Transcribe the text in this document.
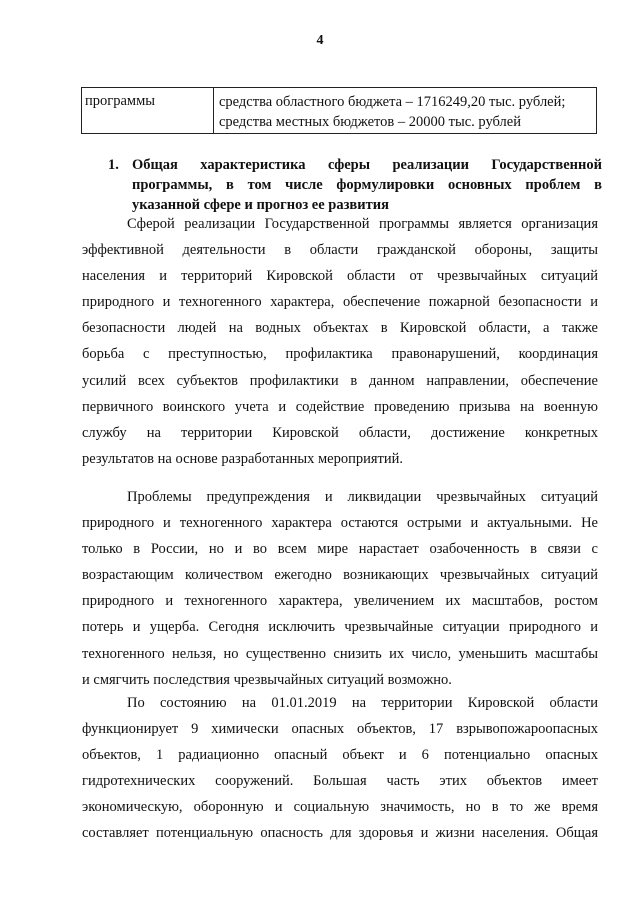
4
программы	средства областного бюджета – 1716249,20 тыс. рублей;
средства местных бюджетов – 20000 тыс. рублей
1. Общая характеристика сферы реализации Государственной
программы, в том числе формулировки основных проблем в
указанной сфере и прогноз ее развития
Сферой реализации Государственной программы является организация
эффективной деятельности в области гражданской обороны, защиты
населения и территорий Кировской области от чрезвычайных ситуаций
природного и техногенного характера, обеспечение пожарной безопасности и
безопасности людей на водных объектах в Кировской области, а также
борьба с преступностью, профилактика правонарушений, координация
усилий всех субъектов профилактики в данном направлении, обеспечение
первичного воинского учета и содействие проведению призыва на военную
службу на территории Кировской области, достижение конкретных
результатов на основе разработанных мероприятий.
Проблемы предупреждения и ликвидации чрезвычайных ситуаций
природного и техногенного характера остаются острыми и актуальными. Не
только в России, но и во всем мире нарастает озабоченность в связи с
возрастающим количеством ежегодно возникающих чрезвычайных ситуаций
природного и техногенного характера, увеличением их масштабов, ростом
потерь и ущерба. Сегодня исключить чрезвычайные ситуации природного и
техногенного нельзя, но существенно снизить их число, уменьшить масштабы
и смягчить последствия чрезвычайных ситуаций возможно.
По состоянию на 01.01.2019 на территории Кировской области
функционирует 9 химически опасных объектов, 17 взрывопожароопасных
объектов, 1 радиационно опасный объект и 6 потенциально опасных
гидротехнических сооружений. Большая часть этих объектов имеет
экономическую, оборонную и социальную значимость, но в то же время
составляет потенциальную опасность для здоровья и жизни населения. Общая
